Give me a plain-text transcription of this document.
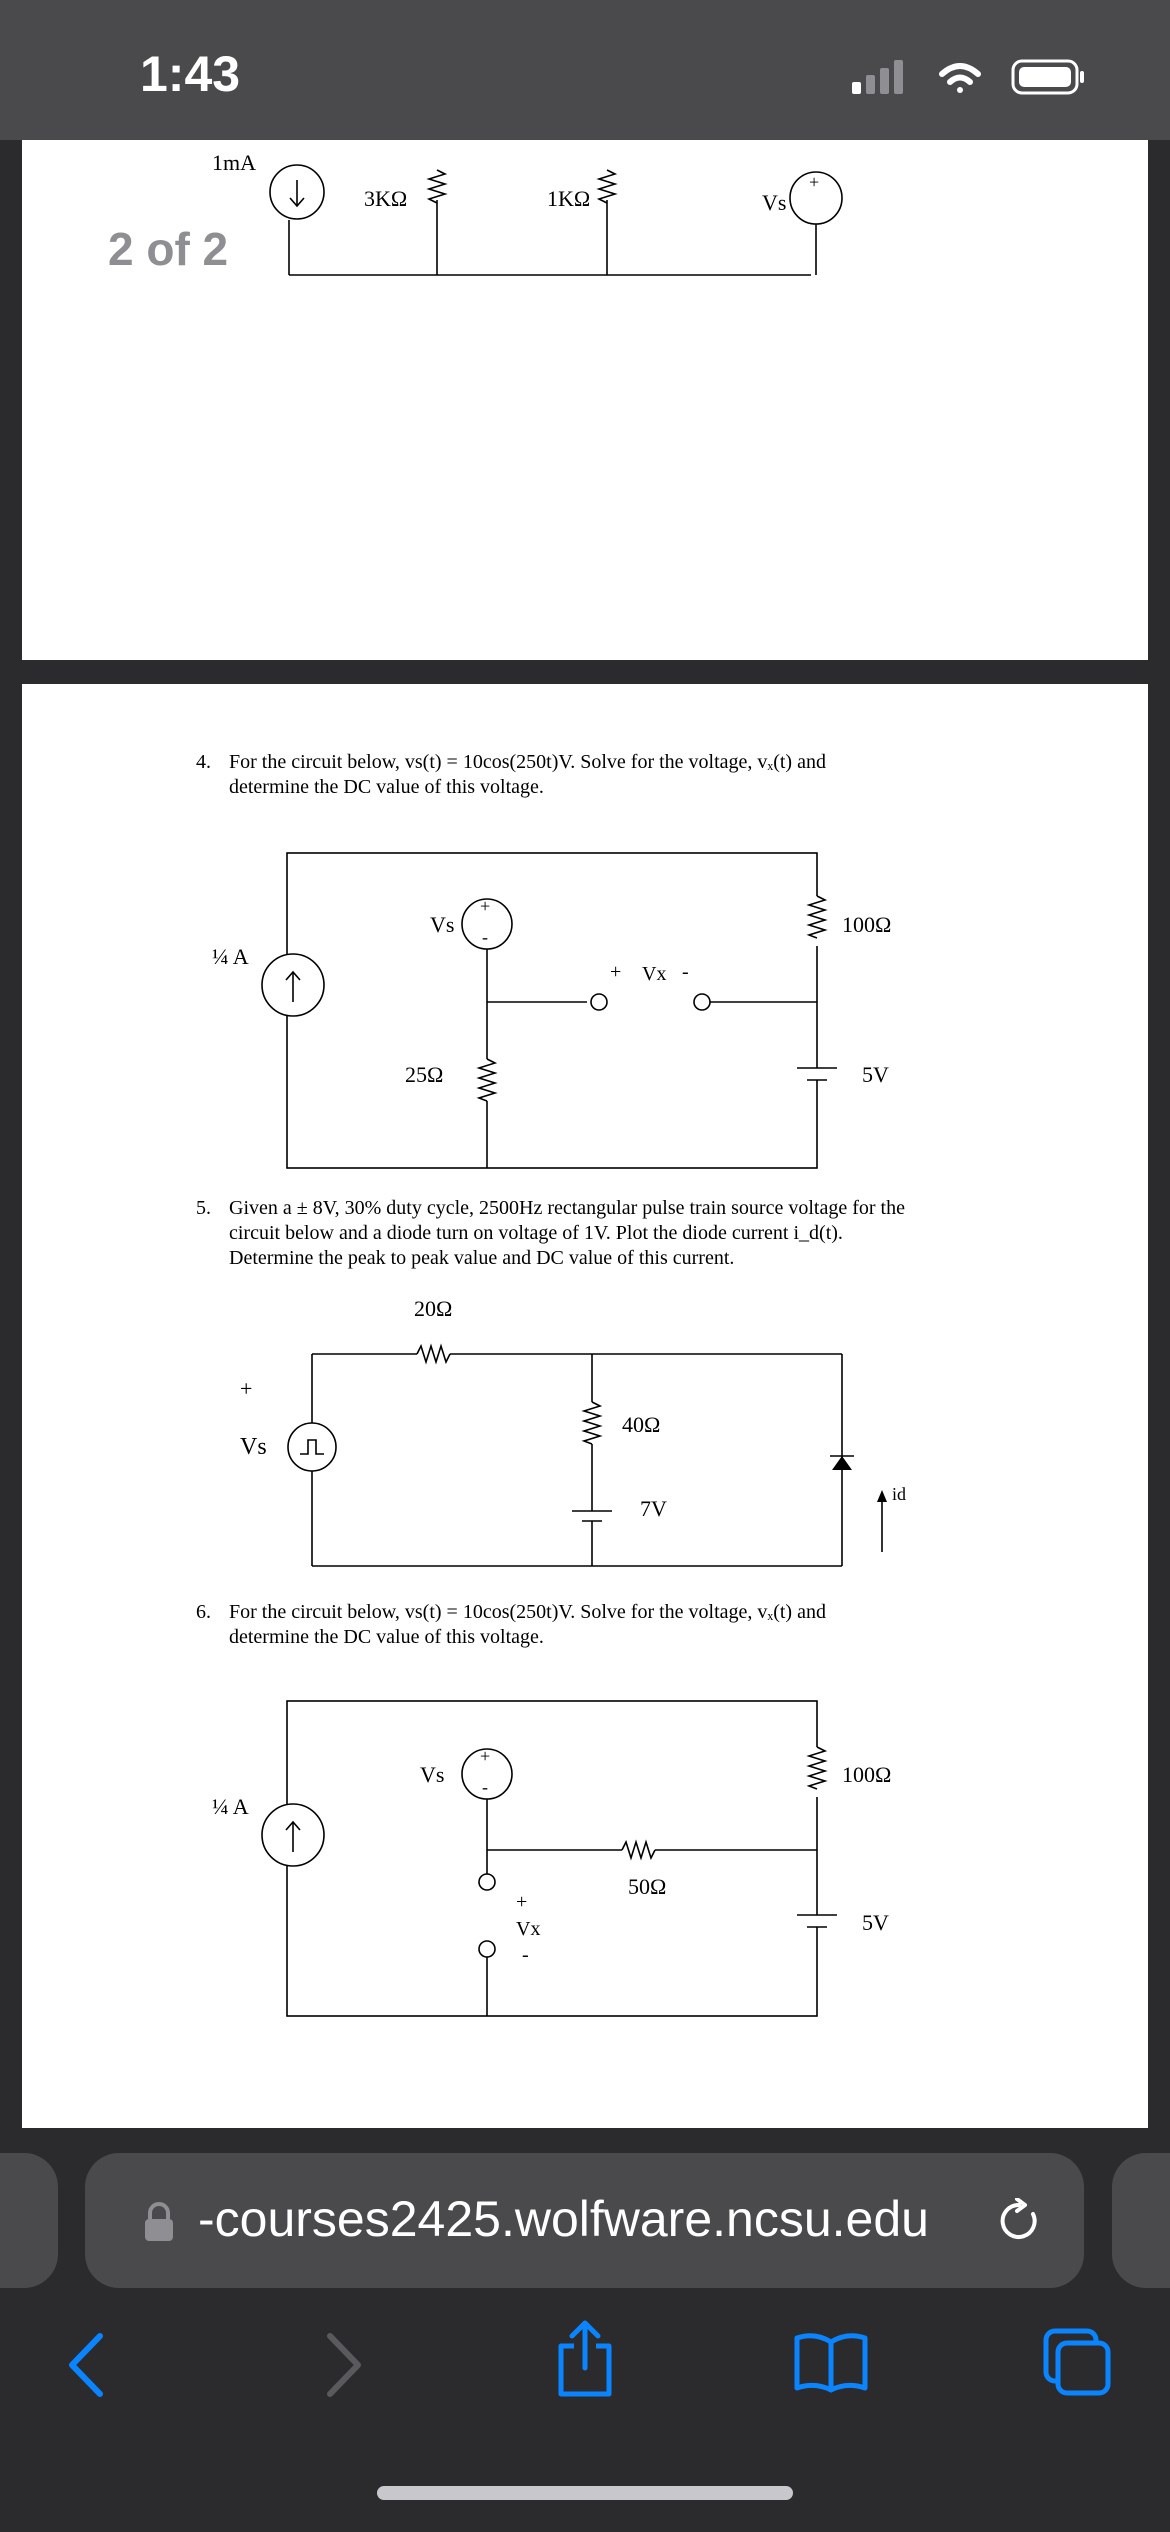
1:43
1mA
3KΩ	1KΩ	Vs
+
2 of 2
4. For the circuit below, vs(t) = 10cos(250t)V. Solve for the voltage, vₓ(t) and
determine the DC value of this voltage.
Vs
+
-	100Ω
¼ A
+ Vx -
25Ω	5V
5. Given a ± 8V, 30% duty cycle, 2500Hz rectangular pulse train source voltage for the
circuit below and a diode turn on voltage of 1V. Plot the diode current i_d(t).
Determine the peak to peak value and DC value of this current.
20Ω
+
Vs
40Ω
7V
id
6. For the circuit below, vs(t) = 10cos(250t)V. Solve for the voltage, vₓ(t) and
determine the DC value of this voltage.
Vs
+
-	100Ω
¼ A
50Ω
+
Vx
-
5V
-courses2425.wolfware.ncsu.edu
